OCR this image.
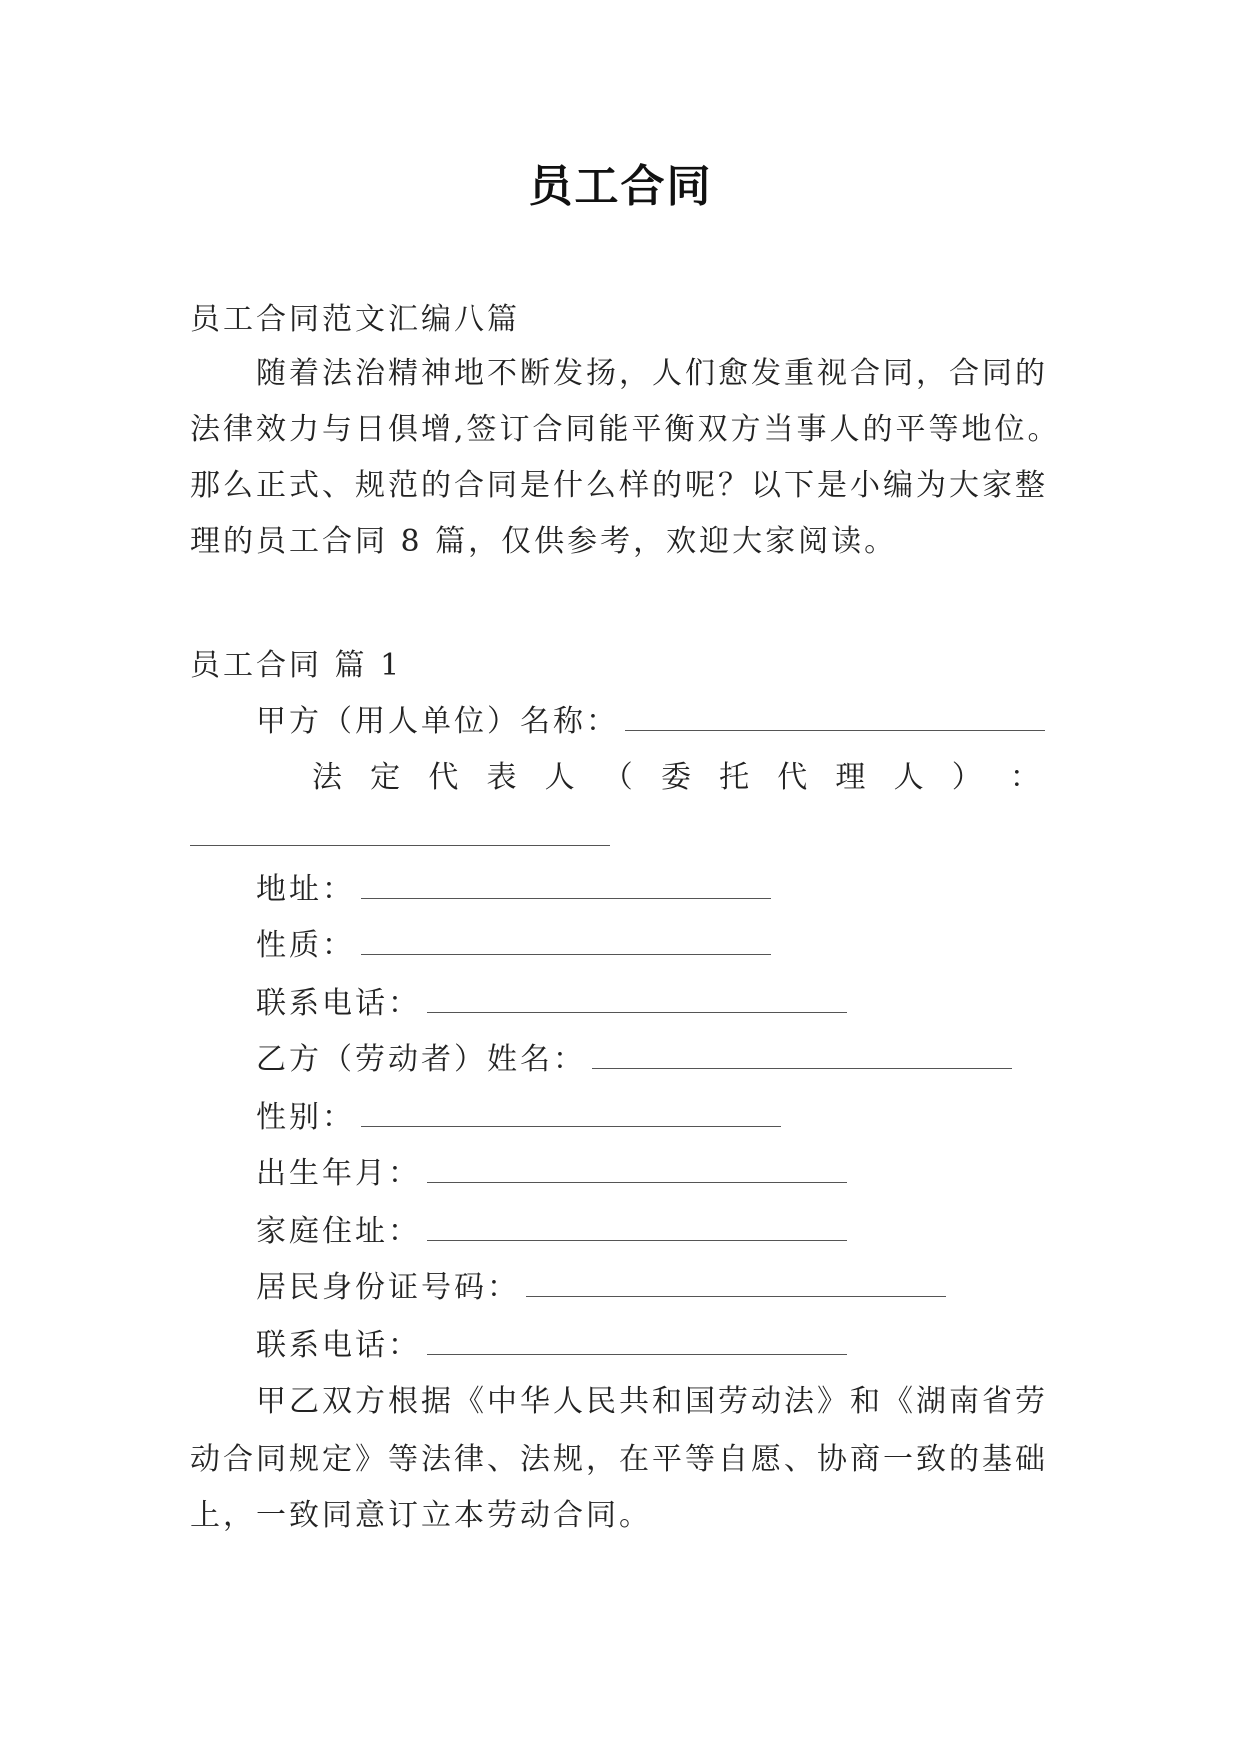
员工合同
员工合同范文汇编八篇
随着法治精神地不断发扬，人们愈发重视合同，合同的
法律效力与日俱增,签订合同能平衡双方当事人的平等地位。
那么正式、规范的合同是什么样的呢？以下是小编为大家整
理的员工合同 8 篇，仅供参考，欢迎大家阅读。
员工合同 篇 1
甲方（用人单位）名称：
法 定 代 表 人 （ 委 托 代 理 人 ） ：
地址：
性质：
联系电话：
乙方（劳动者）姓名：
性别：
出生年月：
家庭住址：
居民身份证号码：
联系电话：
甲乙双方根据《中华人民共和国劳动法》和《湖南省劳
动合同规定》等法律、法规，在平等自愿、协商一致的基础
上，一致同意订立本劳动合同。
